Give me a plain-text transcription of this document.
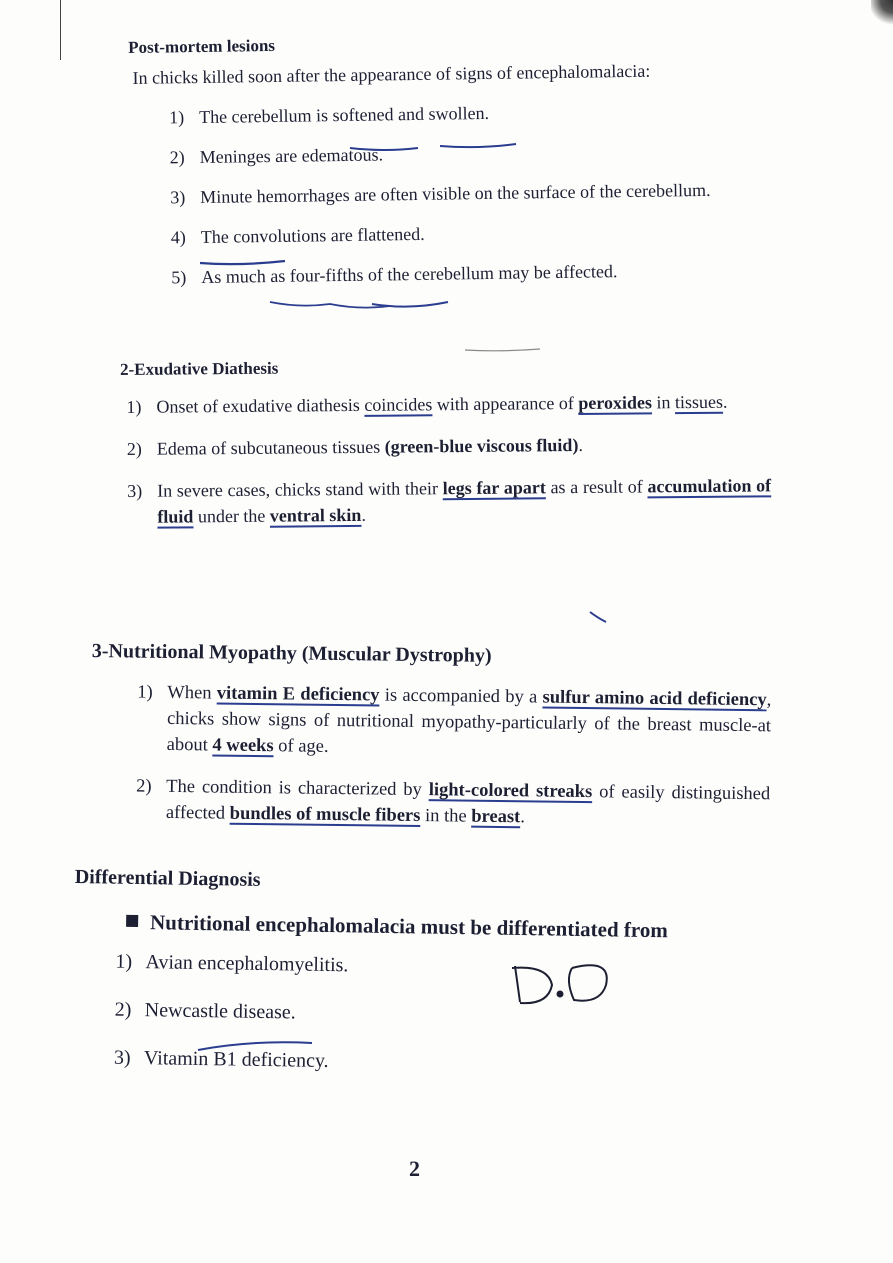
Post-mortem lesions

In chicks killed soon after the appearance of signs of encephalomalacia:

1) The cerebellum is softened and swollen.
2) Meninges are edematous.
3) Minute hemorrhages are often visible on the surface of the cerebellum.
4) The convolutions are flattened.
5) As much as four-fifths of the cerebellum may be affected.

2-Exudative Diathesis

1) Onset of exudative diathesis coincides with appearance of peroxides in tissues.
2) Edema of subcutaneous tissues (green-blue viscous fluid).
3) In severe cases, chicks stand with their legs far apart as a result of accumulation of fluid under the ventral skin.

3-Nutritional Myopathy (Muscular Dystrophy)

1) When vitamin E deficiency is accompanied by a sulfur amino acid deficiency, chicks show signs of nutritional myopathy-particularly of the breast muscle-at about 4 weeks of age.
2) The condition is characterized by light-colored streaks of easily distinguished affected bundles of muscle fibers in the breast.

Differential Diagnosis

Nutritional encephalomalacia must be differentiated from
1) Avian encephalomyelitis.
2) Newcastle disease.
3) Vitamin B1 deficiency.
2
